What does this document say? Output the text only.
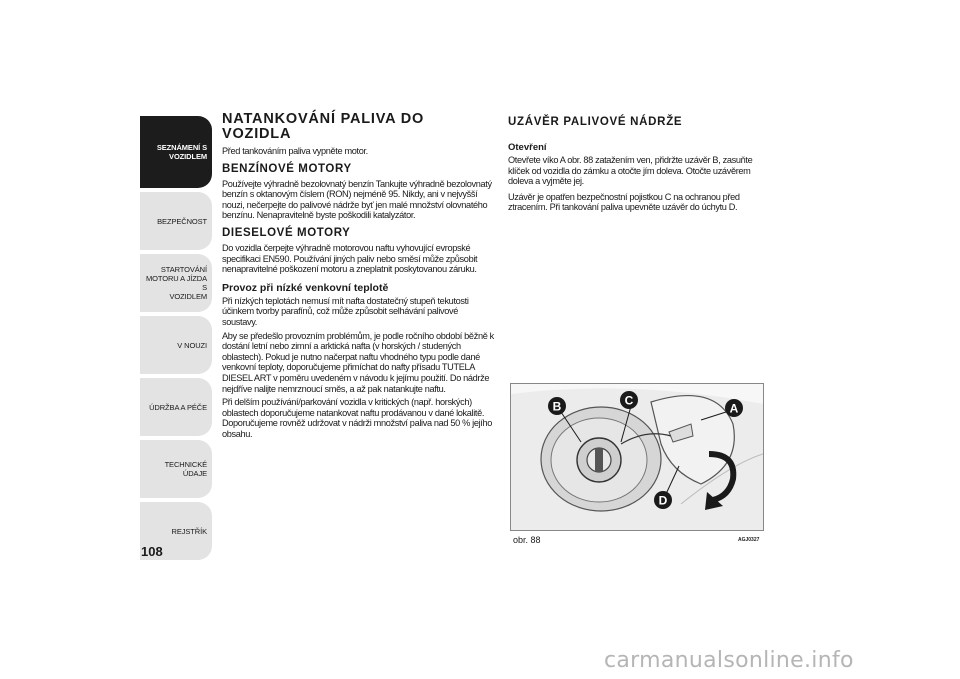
SEZNÁMENÍ S
VOZIDLEM
BEZPEČNOST
STARTOVÁNÍ
MOTORU A JÍZDA S
VOZIDLEM
V NOUZI
ÚDRŽBA A PÉČE
TECHNICKÉ ÚDAJE
REJSTŘÍK
108
NATANKOVÁNÍ PALIVA DO VOZIDLA

Před tankováním paliva vypněte motor.

BENZÍNOVÉ MOTORY

Používejte výhradně bezolovnatý benzín Tankujte výhradně bezolovnatý benzín s oktanovým číslem (RON) nejméně 95. Nikdy, ani v nejvyšší nouzi, nečerpejte do palivové nádrže byť jen malé množství olovnatého benzínu. Nenapravitelně byste poškodili katalyzátor.

DIESELOVÉ MOTORY

Do vozidla čerpejte výhradně motorovou naftu vyhovující evropské specifikaci EN590. Používání jiných paliv nebo směsí může způsobit nenapravitelné poškození motoru a zneplatnit poskytovanou záruku.

Provoz při nízké venkovní teplotě

Při nízkých teplotách nemusí mít nafta dostatečný stupeň tekutosti účinkem tvorby parafínů, což může způsobit selhávání palivové soustavy.

Aby se předešlo provozním problémům, je podle ročního období běžně k dostání letní nebo zimní a arktická nafta (v horských / studených oblastech). Pokud je nutno načerpat naftu vhodného typu podle dané venkovní teploty, doporučujeme přimíchat do nafty přísadu TUTELA DIESEL ART v poměru uvedeném v návodu k jejímu použití. Do nádrže nejdříve nalijte nemrznoucí směs, a až pak natankujte naftu.

Při delším používání/parkování vozidla v kritických (např. horských) oblastech doporučujeme natankovat naftu prodávanou v dané lokalitě. Doporučujeme rovněž udržovat v nádrži množství paliva nad 50 % jejího obsahu.

UZÁVĚR PALIVOVÉ NÁDRŽE
Otevření

Otevřete víko A obr. 88 zatažením ven, přidržte uzávěr B, zasuňte klíček od vozidla do zámku a otočte jím doleva. Otočte uzávěrem doleva a vyjměte jej.

Uzávěr je opatřen bezpečnostní pojistkou C na ochranou před ztracením. Při tankování paliva upevněte uzávěr do úchytu D.

B	C
A
D
obr. 88	AGJ0327
carmanualsonline.info
